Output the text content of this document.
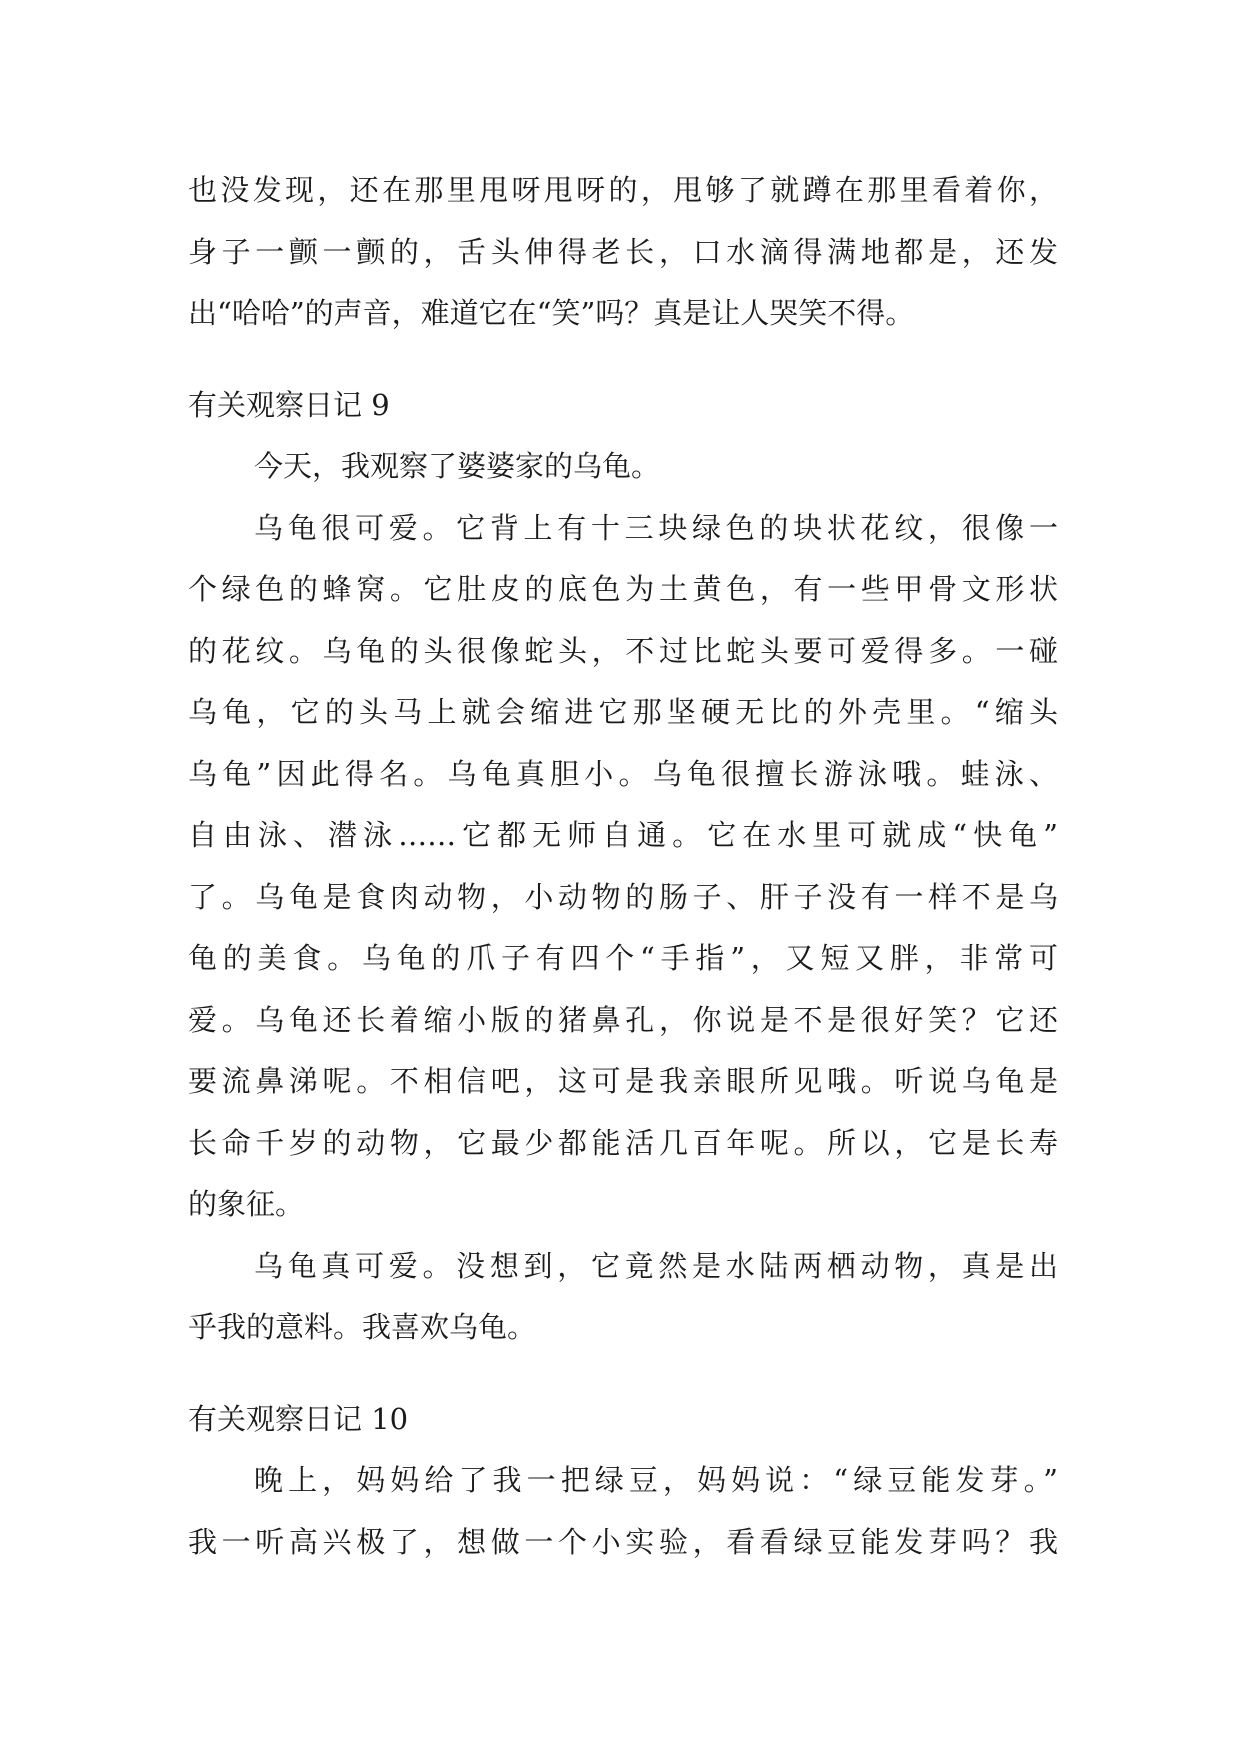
也没发现，还在那里甩呀甩呀的，甩够了就蹲在那里看着你，
身子一颤一颤的，舌头伸得老长，口水滴得满地都是，还发
出“哈哈”的声音，难道它在“笑”吗？真是让人哭笑不得。
有关观察日记 9
今天，我观察了婆婆家的乌龟。
乌龟很可爱。它背上有十三块绿色的块状花纹，很像一
个绿色的蜂窝。它肚皮的底色为土黄色，有一些甲骨文形状
的花纹。乌龟的头很像蛇头，不过比蛇头要可爱得多。一碰
乌龟，它的头马上就会缩进它那坚硬无比的外壳里。“缩头
乌龟”因此得名。乌龟真胆小。乌龟很擅长游泳哦。蛙泳、
自由泳、潜泳……它都无师自通。它在水里可就成“快龟”
了。乌龟是食肉动物，小动物的肠子、肝子没有一样不是乌
龟的美食。乌龟的爪子有四个“手指”，又短又胖，非常可
爱。乌龟还长着缩小版的猪鼻孔，你说是不是很好笑？它还
要流鼻涕呢。不相信吧，这可是我亲眼所见哦。听说乌龟是
长命千岁的动物，它最少都能活几百年呢。所以，它是长寿
的象征。
乌龟真可爱。没想到，它竟然是水陆两栖动物，真是出
乎我的意料。我喜欢乌龟。
有关观察日记 10
晚上，妈妈给了我一把绿豆，妈妈说：“绿豆能发芽。”
我一听高兴极了，想做一个小实验，看看绿豆能发芽吗？我
